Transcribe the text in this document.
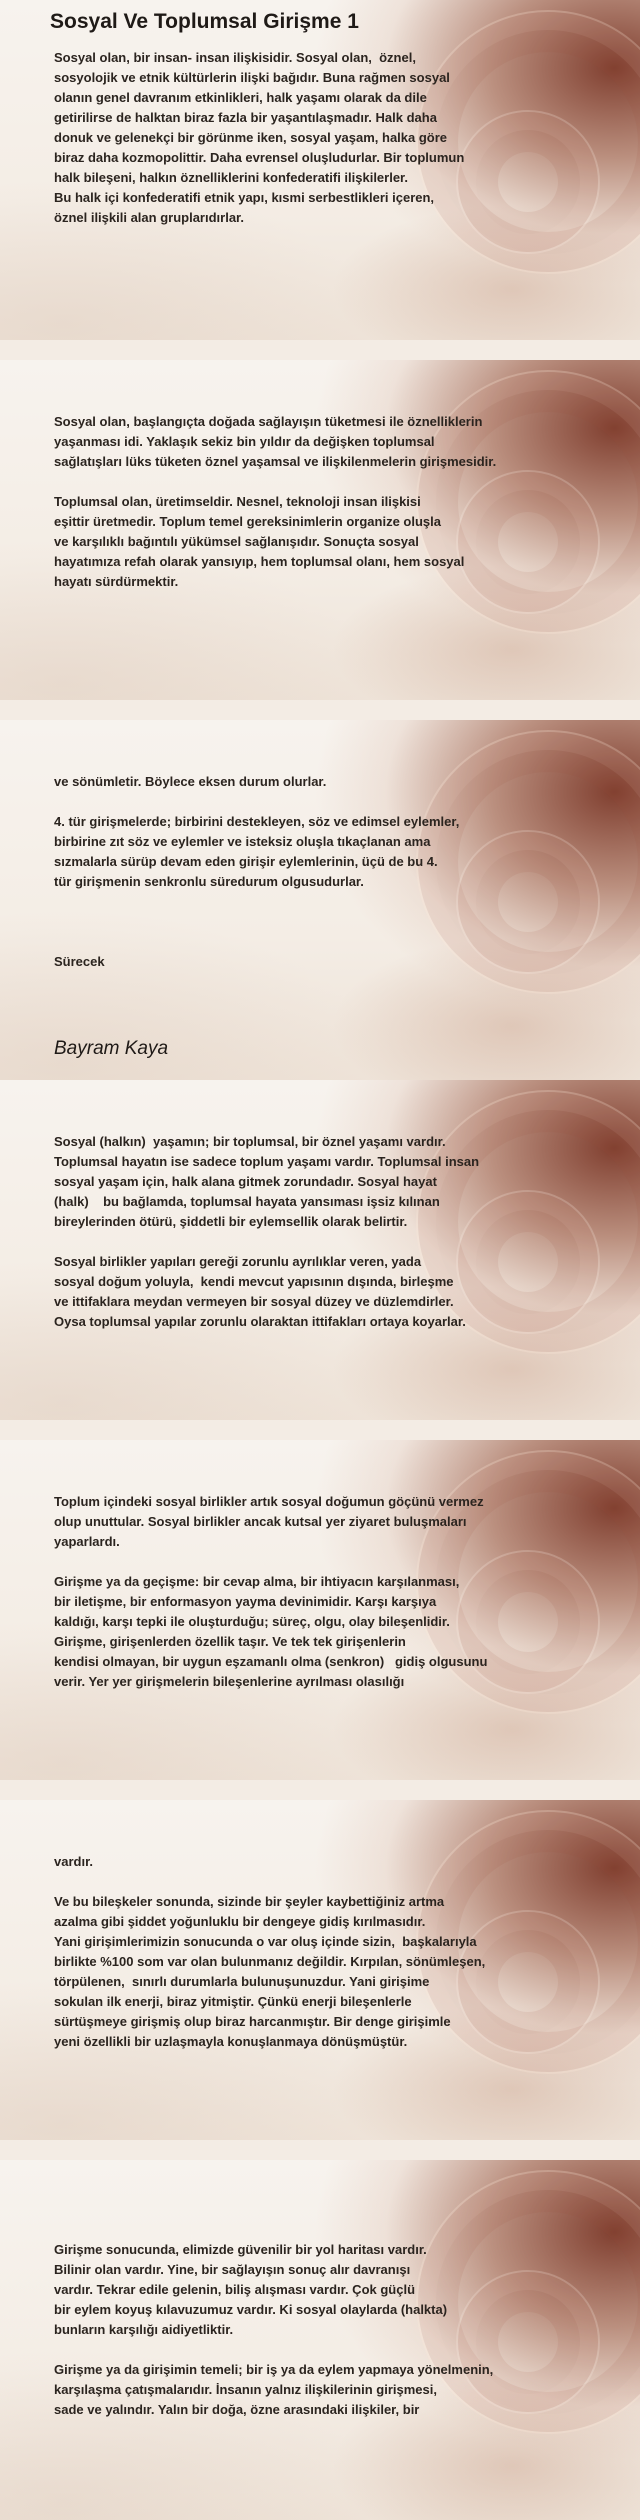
Sosyal Ve Toplumsal Girişme 1
Sosyal olan, bir insan- insan ilişkisidir. Sosyal olan,  öznel,
sosyolojik ve etnik kültürlerin ilişki bağıdır. Buna rağmen sosyal
olanın genel davranım etkinlikleri, halk yaşamı olarak da dile
getirilirse de halktan biraz fazla bir yaşantılaşmadır. Halk daha
donuk ve gelenekçi bir görünme iken, sosyal yaşam, halka göre
biraz daha kozmopolittir. Daha evrensel oluşludurlar. Bir toplumun
halk bileşeni, halkın öznelliklerini konfederatifi ilişkilerler.
Bu halk içi konfederatifi etnik yapı, kısmi serbestlikleri içeren,
öznel ilişkili alan gruplarıdırlar.
Sosyal olan, başlangıçta doğada sağlayışın tüketmesi ile öznelliklerin
yaşanması idi. Yaklaşık sekiz bin yıldır da değişken toplumsal
sağlatışları lüks tüketen öznel yaşamsal ve ilişkilenmelerin girişmesidir.

Toplumsal olan, üretimseldir. Nesnel, teknoloji insan ilişkisi
eşittir üretmedir. Toplum temel gereksinimlerin organize oluşla
ve karşılıklı bağıntılı yükümsel sağlanışıdır. Sonuçta sosyal
hayatımıza refah olarak yansıyıp, hem toplumsal olanı, hem sosyal
hayatı sürdürmektir.
ve sönümletir. Böylece eksen durum olurlar.

4. tür girişmelerde; birbirini destekleyen, söz ve edimsel eylemler,
birbirine zıt söz ve eylemler ve isteksiz oluşla tıkaçlanan ama
sızmalarla sürüp devam eden girişir eylemlerinin, üçü de bu 4.
tür girişmenin senkronlu süredurum olgusudurlar.

Sürecek
Bayram Kaya
Sosyal (halkın)  yaşamın; bir toplumsal, bir öznel yaşamı vardır.
Toplumsal hayatın ise sadece toplum yaşamı vardır. Toplumsal insan
sosyal yaşam için, halk alana gitmek zorundadır. Sosyal hayat
(halk)    bu bağlamda, toplumsal hayata yansıması işsiz kılınan
bireylerinden ötürü, şiddetli bir eylemsellik olarak belirtir.

Sosyal birlikler yapıları gereği zorunlu ayrılıklar veren, yada
sosyal doğum yoluyla,  kendi mevcut yapısının dışında, birleşme
ve ittifaklara meydan vermeyen bir sosyal düzey ve düzlemdirler.
Oysa toplumsal yapılar zorunlu olaraktan ittifakları ortaya koyarlar.
Toplum içindeki sosyal birlikler artık sosyal doğumun göçünü vermez
olup unuttular. Sosyal birlikler ancak kutsal yer ziyaret buluşmaları
yaparlardı.

Girişme ya da geçişme: bir cevap alma, bir ihtiyacın karşılanması,
bir iletişme, bir enformasyon yayma devinimidir. Karşı karşıya
kaldığı, karşı tepki ile oluşturduğu; süreç, olgu, olay bileşenlidir.
Girişme, girişenlerden özellik taşır. Ve tek tek girişenlerin
kendisi olmayan, bir uygun eşzamanlı olma (senkron)   gidiş olgusunu
verir. Yer yer girişmelerin bileşenlerine ayrılması olasılığı
vardır.

Ve bu bileşkeler sonunda, sizinde bir şeyler kaybettiğiniz artma
azalma gibi şiddet yoğunluklu bir dengeye gidiş kırılmasıdır.
Yani girişimlerimizin sonucunda o var oluş içinde sizin,  başkalarıyla
birlikte %100 som var olan bulunmanız değildir. Kırpılan, sönümleşen,
törpülenen,  sınırlı durumlarla bulunuşunuzdur. Yani girişime
sokulan ilk enerji, biraz yitmiştir. Çünkü enerji bileşenlerle
sürtüşmeye girişmiş olup biraz harcanmıştır. Bir denge girişimle
yeni özellikli bir uzlaşmayla konuşlanmaya dönüşmüştür.
Girişme sonucunda, elimizde güvenilir bir yol haritası vardır.
Bilinir olan vardır. Yine, bir sağlayışın sonuç alır davranışı
vardır. Tekrar edile gelenin, biliş alışması vardır. Çok güçlü
bir eylem koyuş kılavuzumuz vardır. Ki sosyal olaylarda (halkta)
bunların karşılığı aidiyetliktir.

Girişme ya da girişimin temeli; bir iş ya da eylem yapmaya yönelmenin,
karşılaşma çatışmalarıdır. İnsanın yalnız ilişkilerinin girişmesi,
sade ve yalındır. Yalın bir doğa, özne arasındaki ilişkiler, bir
